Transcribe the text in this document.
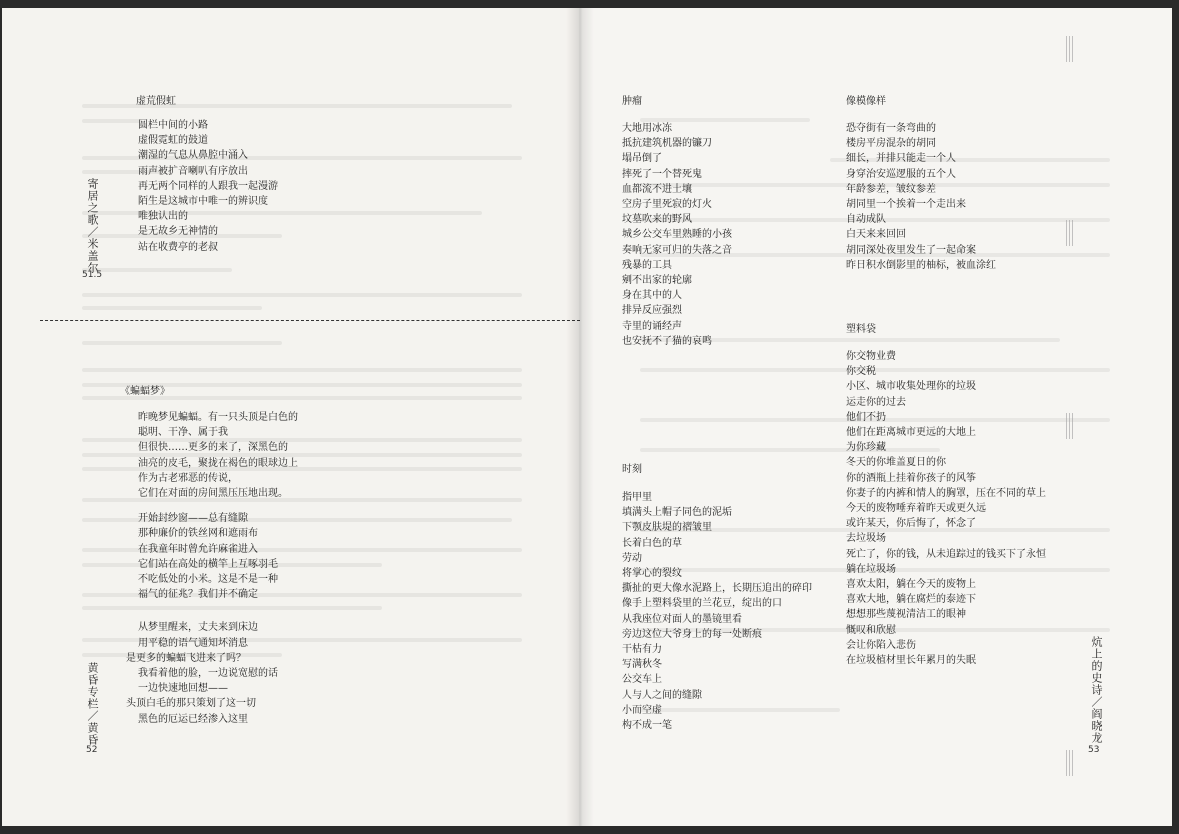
虚荒假虹
圆栏中间的小路
虚假霓虹的鼓道
潮湿的气息从鼻腔中涌入
雨声被扩音喇叭有序放出
再无两个同样的人跟我一起漫游
陌生是这城市中唯一的辨识度
唯独认出的
是无故乡无神情的
站在收费亭的老叔
《蝙蝠梦》
昨晚梦见蝙蝠。有一只头顶是白色的
聪明、干净、属于我
但很快……更多的来了，深黑色的
油亮的皮毛，聚拢在褐色的眼球边上
作为古老邪恶的传说，
它们在对面的房间黑压压地出现。
开始封纱窗——总有缝隙
那种廉价的铁丝网和遮雨布
在我童年时曾允许麻雀进入
它们站在高处的横竿上互啄羽毛
不吃低处的小米。这是不是一种
福气的征兆？我们并不确定
从梦里醒来，丈夫来到床边
用平稳的语气通知坏消息
是更多的蝙蝠飞进来了吗？
我看着他的脸，一边说宽慰的话
一边快速地回想——
头顶白毛的那只策划了这一切
黑色的厄运已经渗入这里
寄居之歌／米盖尔
51.5
黄昏专栏／黄昏
52
肿瘤
大地用冰冻
抵抗建筑机器的镰刀
塌吊倒了
摔死了一个替死鬼
血都流不进土壤
空房子里死寂的灯火
坟墓吹来的野风
城乡公交车里熟睡的小孩
奏响无家可归的失落之音
残暴的工具
剜不出家的轮廓
身在其中的人
排异反应强烈
寺里的诵经声
也安抚不了猫的哀鸣
时刻
指甲里
填满头上帽子同色的泥垢
下颚皮肤堤的褶皱里
长着白色的草
劳动
将掌心的裂纹
撕扯的更大像水泥路上，长期压追出的碎印
像手上塑料袋里的兰花豆，绽出的口
从我座位对面人的墨镜里看
旁边这位大爷身上的每一处断痕
干枯有力
写满秋冬
公交车上
人与人之间的缝隙
小而空虚
构不成一笔
像模像样
恐夺街有一条弯曲的
楼房平房混杂的胡同
细长，并排只能走一个人
身穿治安巡逻服的五个人
年龄参差，皱纹参差
胡同里一个挨着一个走出来
自动成队
白天来来回回
胡同深处夜里发生了一起命案
昨日积水倒影里的柚标，被血涂红
塑料袋
你交物业费
你交税
小区、城市收集处理你的垃圾
运走你的过去
他们不扔
他们在距离城市更远的大地上
为你珍藏
冬天的你堆盖夏日的你
你的酒瓶上挂着你孩子的风筝
你妻子的内裤和情人的胸罩，压在不同的草上
今天的废物唾弃着昨天或更久远
或许某天，你后悔了，怀念了
去垃圾场
死亡了，你的钱，从未追踪过的钱买下了永恒
躺在垃圾场
喜欢太阳，躺在今天的废物上
喜欢大地，躺在腐烂的泰迹下
想想那些蔑视清洁工的眼神
慨叹和欣慰
会让你陷入悲伤
在垃圾植材里长年累月的失眠	炕上的史诗／阎晓龙
53
